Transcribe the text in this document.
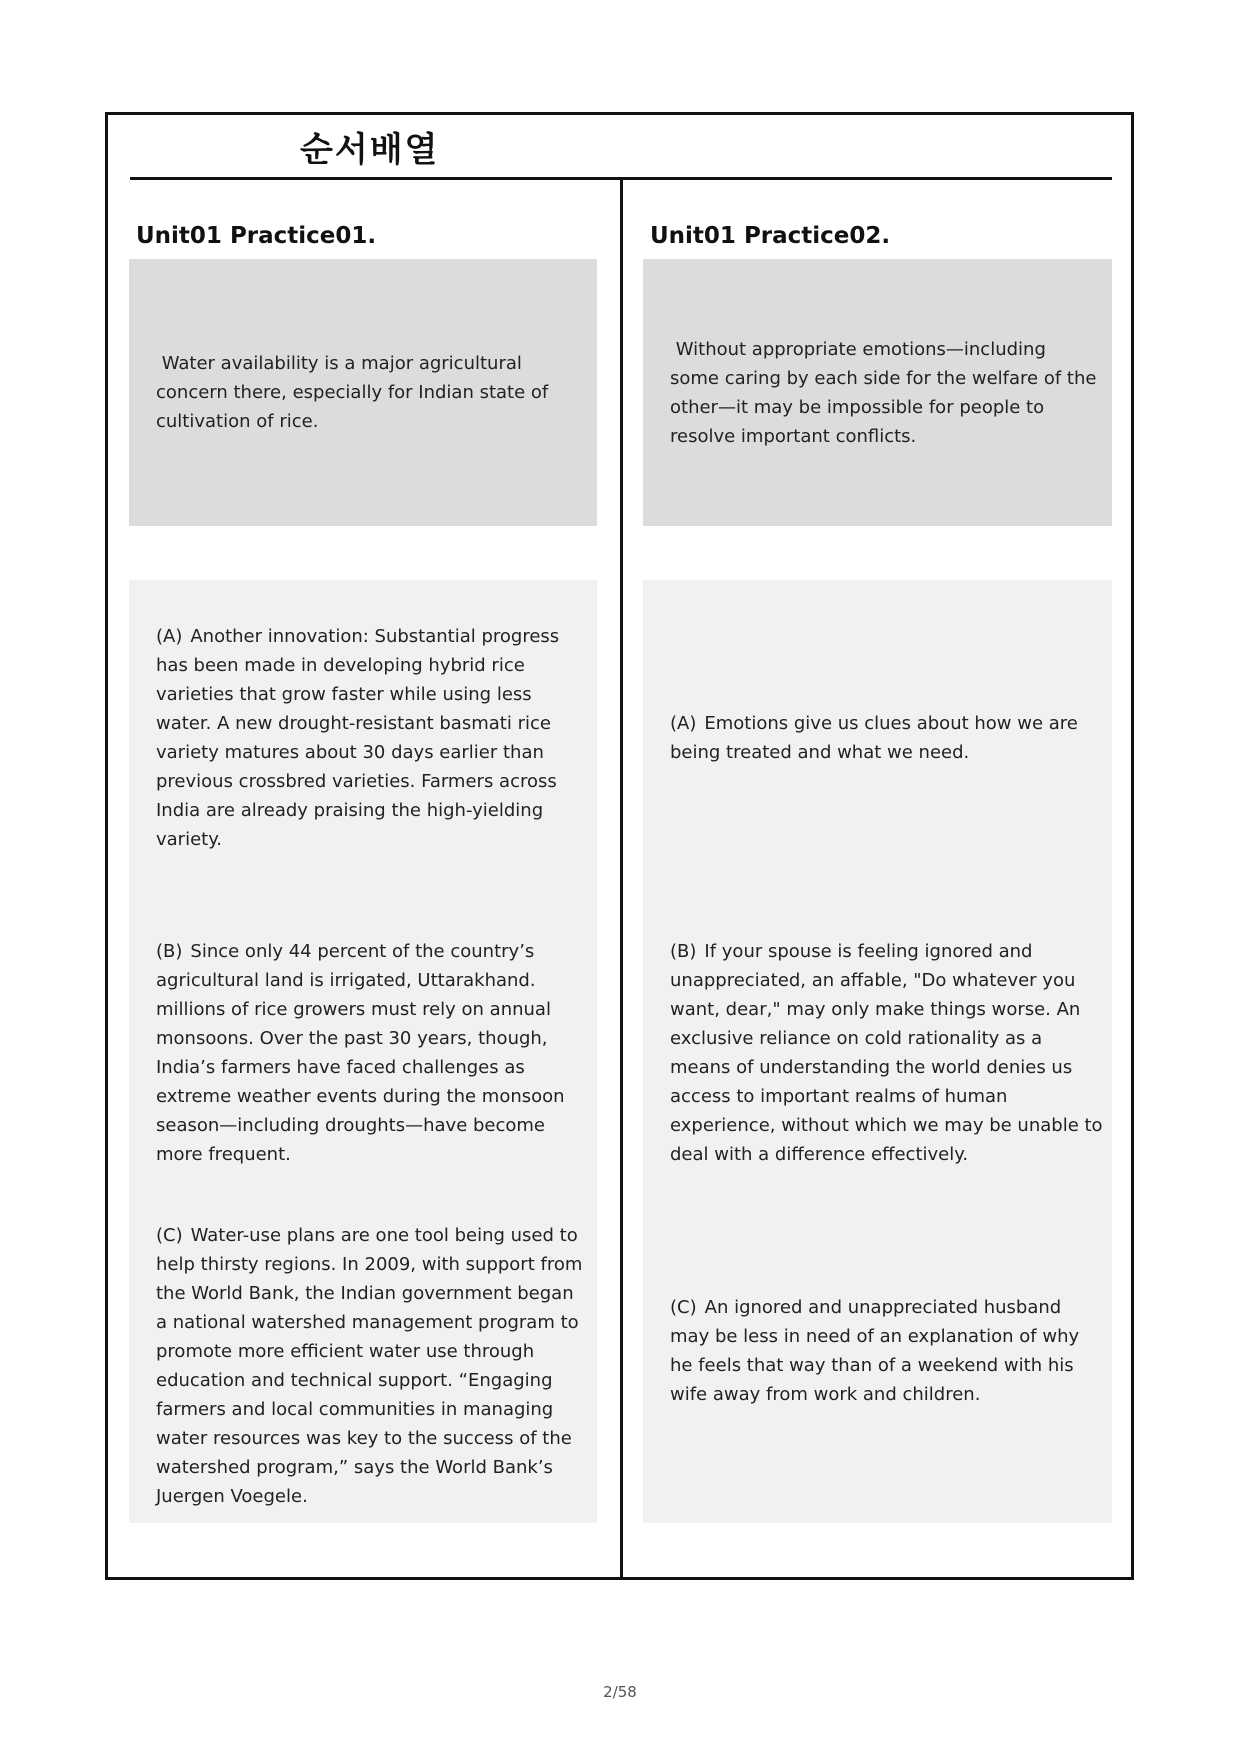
순서배열
Unit01 Practice01.

Water availability is a major agricultural concern there, especially for Indian state of cultivation of rice.

(A) Another innovation: Substantial progress has been made in developing hybrid rice varieties that grow faster while using less water. A new drought-resistant basmati rice variety matures about 30 days earlier than previous crossbred varieties. Farmers across India are already praising the high-yielding variety.

(B) Since only 44 percent of the country’s agricultural land is irrigated, Uttarakhand. millions of rice growers must rely on annual monsoons. Over the past 30 years, though, India’s farmers have faced challenges as extreme weather events during the monsoon season—including droughts—have become more frequent.

(C) Water-use plans are one tool being used to help thirsty regions. In 2009, with support from the World Bank, the Indian government began a national watershed management program to promote more efficient water use through education and technical support. “Engaging farmers and local communities in managing water resources was key to the success of the watershed program,” says the World Bank’s Juergen Voegele.

Unit01 Practice02.

Without appropriate emotions—including some caring by each side for the welfare of the other—it may be impossible for people to resolve important conflicts.

(A) Emotions give us clues about how we are being treated and what we need.

(B) If your spouse is feeling ignored and unappreciated, an affable, "Do whatever you want, dear," may only make things worse. An exclusive reliance on cold rationality as a means of understanding the world denies us access to important realms of human experience, without which we may be unable to deal with a difference effectively.

(C) An ignored and unappreciated husband may be less in need of an explanation of why he feels that way than of a weekend with his wife away from work and children.

2/58
